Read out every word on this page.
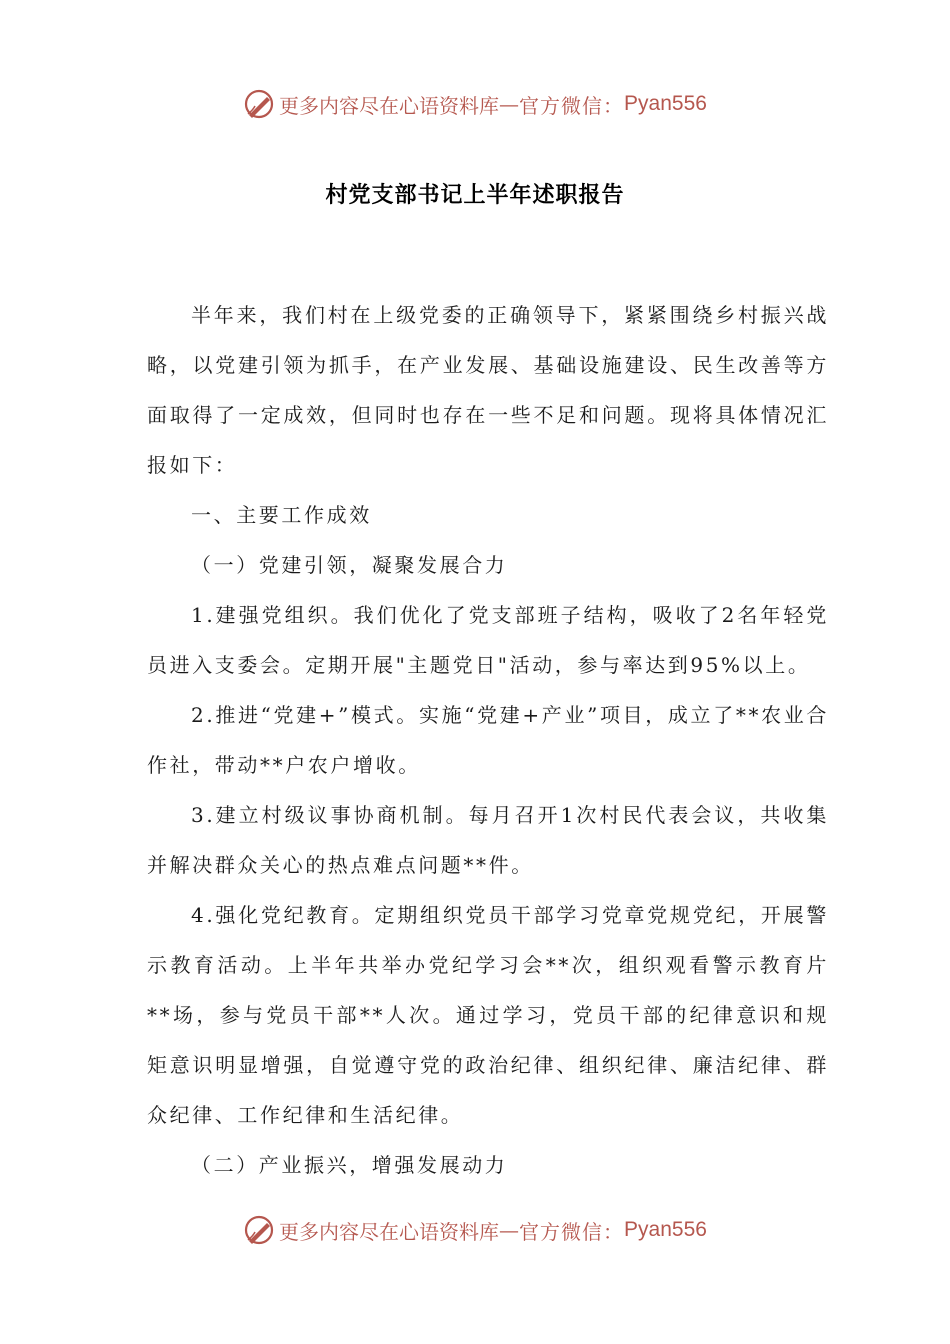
更多内容尽在心语资料库 — 官方微信： Pyan556
村党支部书记上半年述职报告

半年来，我们村在上级党委的正确领导下，紧紧围绕乡村振兴战略，以党建引领为抓手，在产业发展、基础设施建设、民生改善等方面取得了一定成效，但同时也存在一些不足和问题。现将具体情况汇报如下：

一、主要工作成效

（一）党建引领，凝聚发展合力

1.建强党组织。我们优化了党支部班子结构，吸收了2名年轻党员进入支委会。定期开展"主题党日"活动，参与率达到95%以上。

2.推进“党建+”模式。实施“党建+产业”项目，成立了**农业合作社，带动**户农户增收。

3.建立村级议事协商机制。每月召开1次村民代表会议，共收集并解决群众关心的热点难点问题**件。

4.强化党纪教育。定期组织党员干部学习党章党规党纪，开展警示教育活动。上半年共举办党纪学习会**次，组织观看警示教育片**场，参与党员干部**人次。通过学习，党员干部的纪律意识和规矩意识明显增强，自觉遵守党的政治纪律、组织纪律、廉洁纪律、群众纪律、工作纪律和生活纪律。

（二）产业振兴，增强发展动力

更多内容尽在心语资料库 — 官方微信： Pyan556
